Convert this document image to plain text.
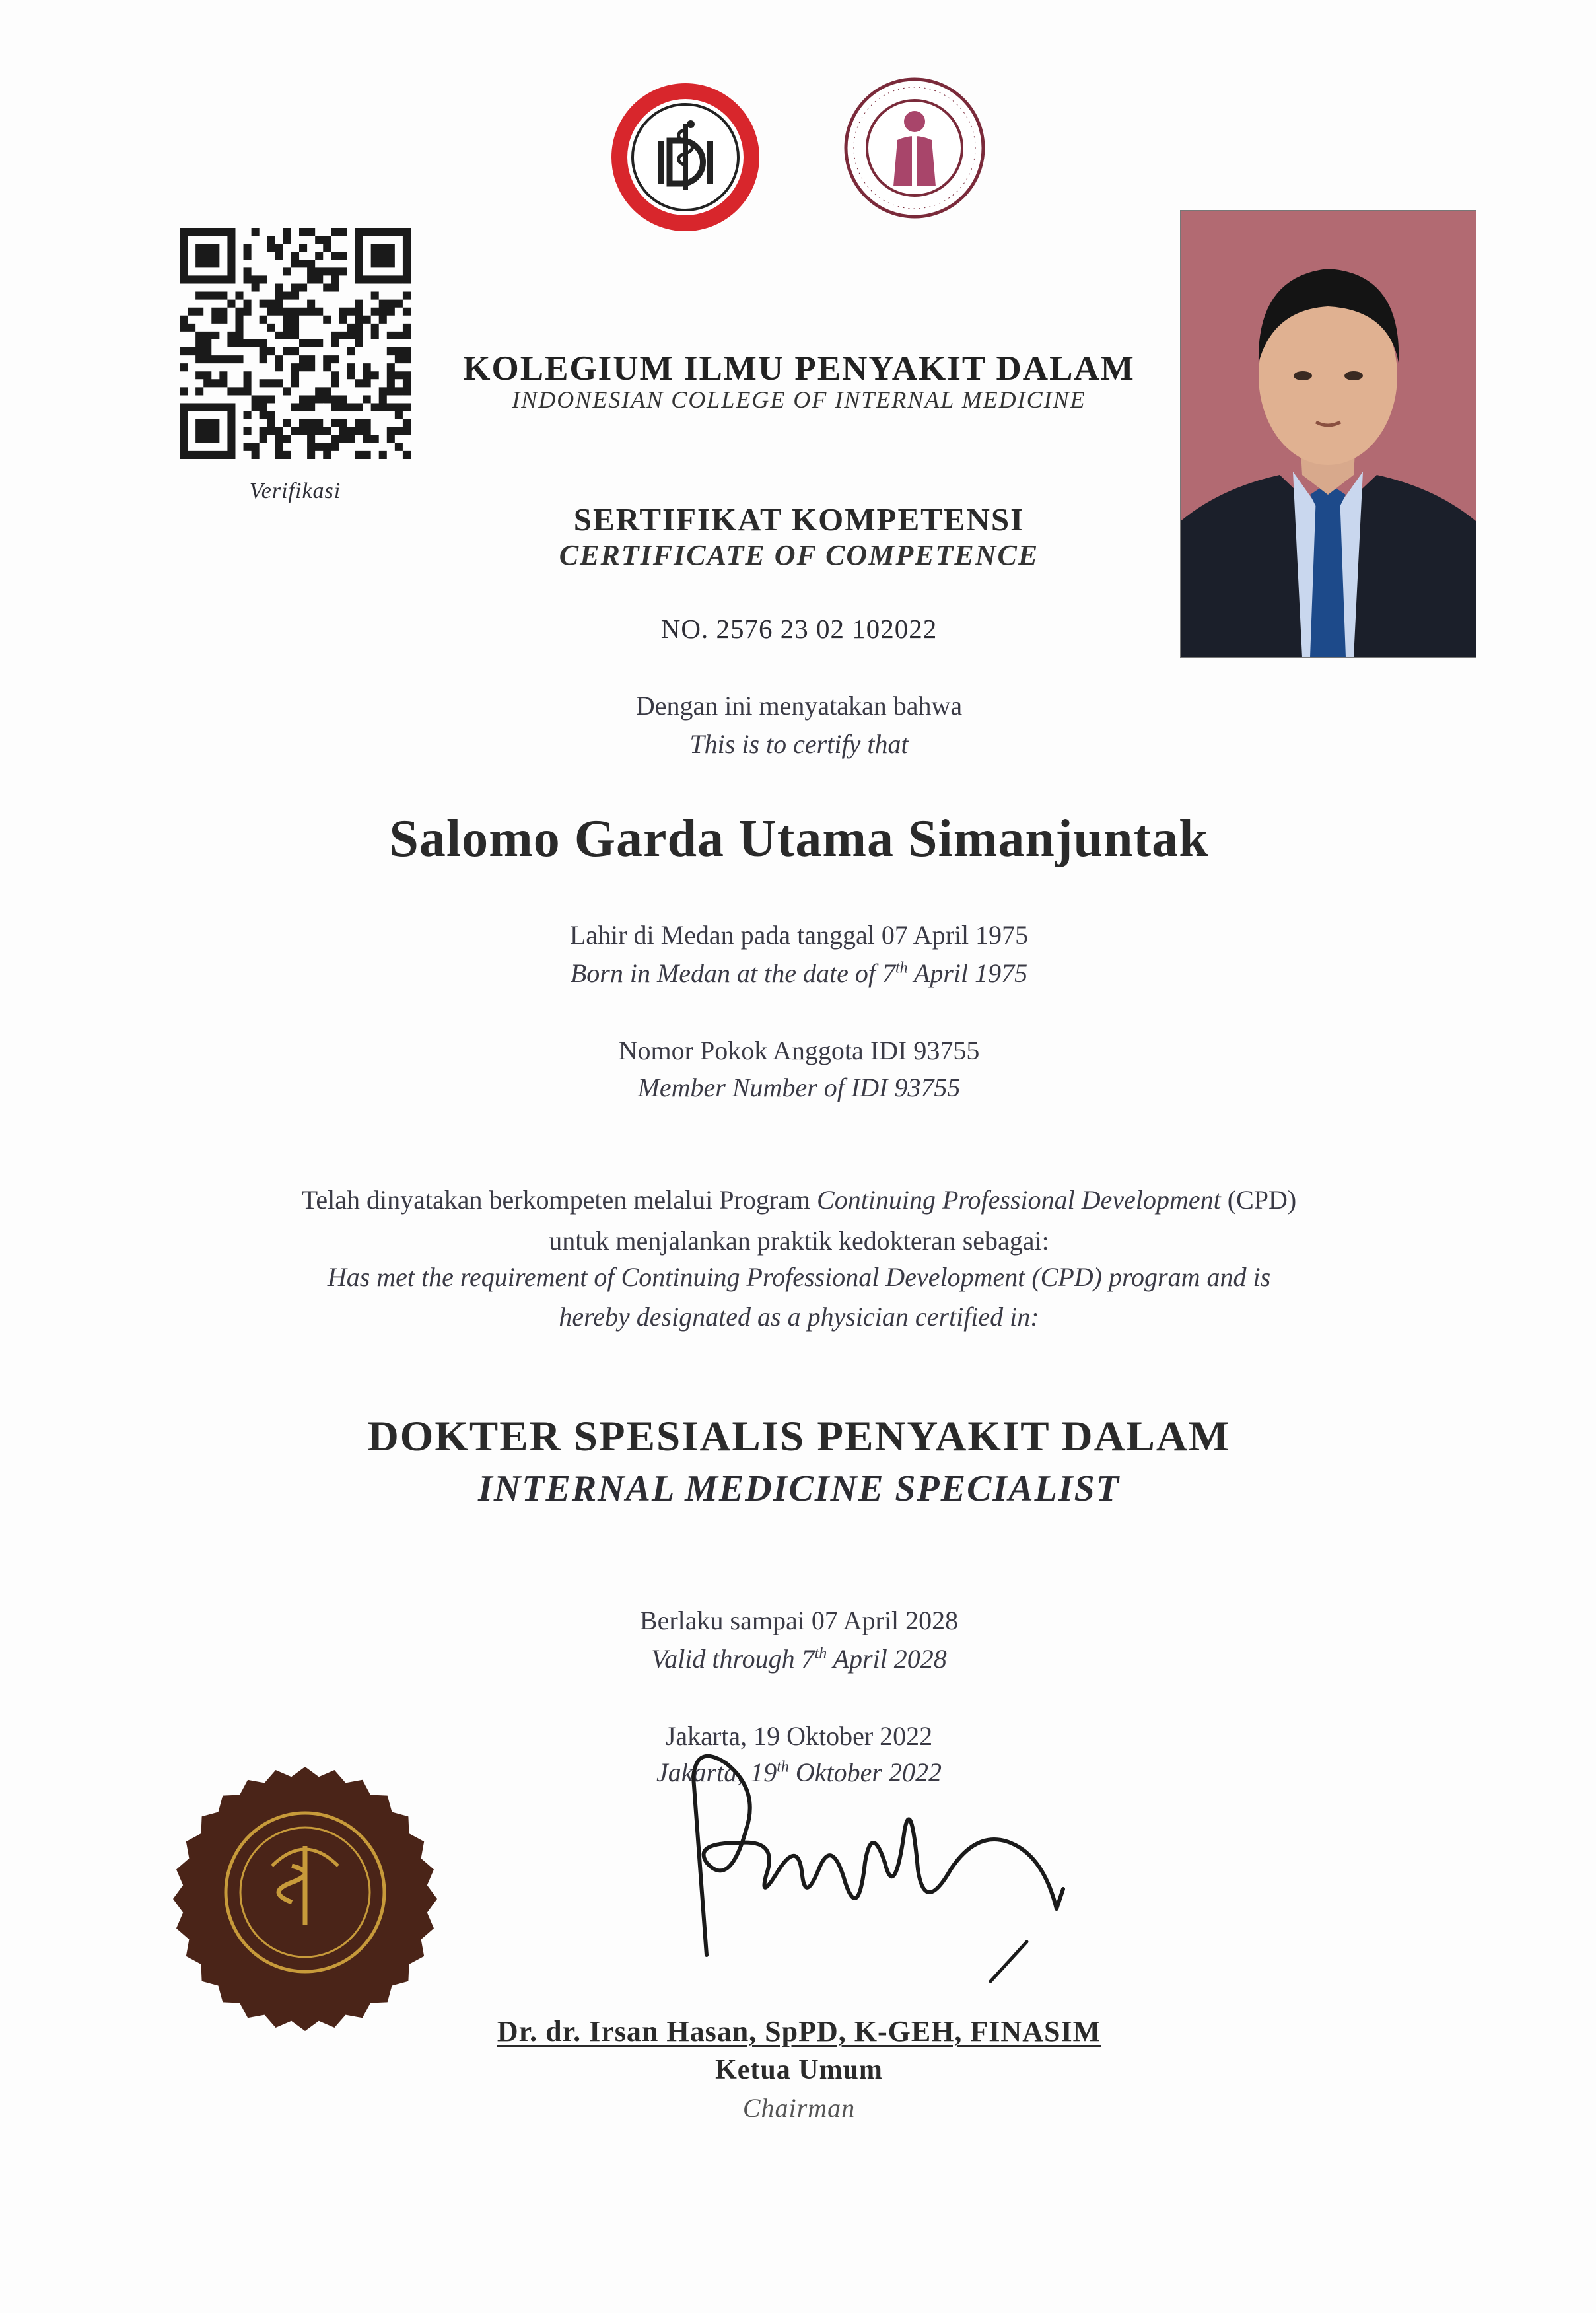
Verifikasi
KOLEGIUM ILMU PENYAKIT DALAM
INDONESIAN COLLEGE OF INTERNAL MEDICINE
SERTIFIKAT KOMPETENSI
CERTIFICATE OF COMPETENCE
NO. 2576 23 02 102022
Dengan ini menyatakan bahwa
This is to certify that
Salomo Garda Utama Simanjuntak
Lahir di Medan pada tanggal 07 April 1975
Born in Medan at the date of 7th April 1975
Nomor Pokok Anggota IDI 93755
Member Number of IDI 93755
Telah dinyatakan berkompeten melalui Program Continuing Professional Development (CPD)
untuk menjalankan praktik kedokteran sebagai:
Has met the requirement of Continuing Professional Development (CPD) program and is
hereby designated as a physician certified in:
DOKTER SPESIALIS PENYAKIT DALAM
INTERNAL MEDICINE SPECIALIST
Berlaku sampai 07 April 2028
Valid through 7th April 2028
Jakarta, 19 Oktober 2022
Jakarta, 19th Oktober 2022
Dr. dr. Irsan Hasan, SpPD, K-GEH, FINASIM
Ketua Umum
Chairman
